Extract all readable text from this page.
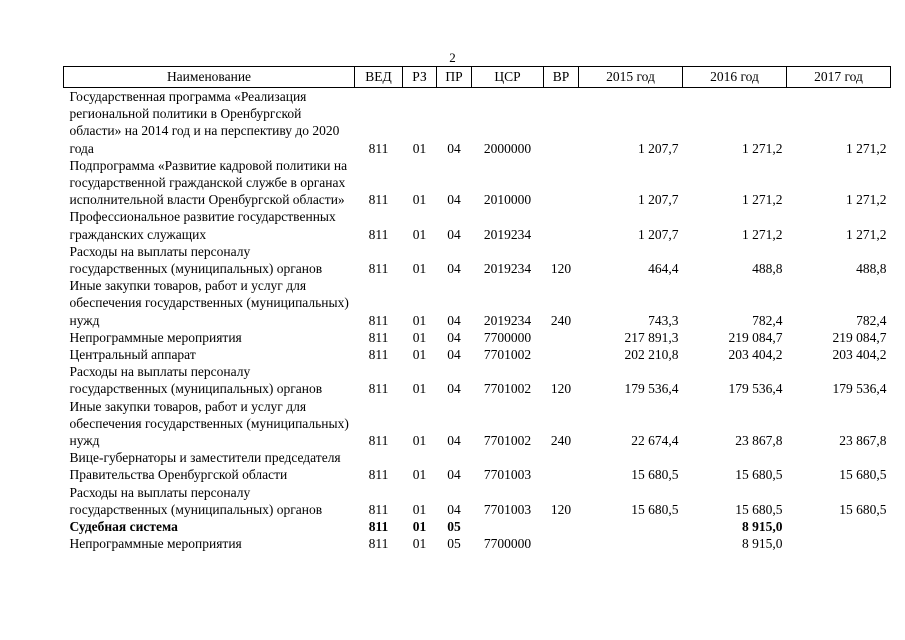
2
Наименование	ВЕД	РЗ	ПР	ЦСР	ВР	2015 год	2016 год	2017 год
Государственная программа «Реализация региональной политики в Оренбургской области» на 2014 год и на перспективу до 2020 года	811	01	04	2000000		1 207,7	1 271,2	1 271,2
Подпрограмма «Развитие кадровой политики на государственной гражданской службе в органах исполнительной власти Оренбургской области»	811	01	04	2010000		1 207,7	1 271,2	1 271,2
Профессиональное развитие государственных гражданских служащих	811	01	04	2019234		1 207,7	1 271,2	1 271,2
Расходы на выплаты персоналу государственных (муниципальных) органов	811	01	04	2019234	120	464,4	488,8	488,8
Иные закупки товаров, работ и услуг для обеспечения государственных (муниципальных) нужд	811	01	04	2019234	240	743,3	782,4	782,4
Непрограммные мероприятия	811	01	04	7700000		217 891,3	219 084,7	219 084,7
Центральный аппарат	811	01	04	7701002		202 210,8	203 404,2	203 404,2
Расходы на выплаты персоналу государственных (муниципальных) органов	811	01	04	7701002	120	179 536,4	179 536,4	179 536,4
Иные закупки товаров, работ и услуг для обеспечения государственных (муниципальных) нужд	811	01	04	7701002	240	22 674,4	23 867,8	23 867,8
Вице-губернаторы и заместители председателя Правительства Оренбургской области	811	01	04	7701003		15 680,5	15 680,5	15 680,5
Расходы на выплаты персоналу государственных (муниципальных) органов	811	01	04	7701003	120	15 680,5	15 680,5	15 680,5
Судебная система	811	01	05				8 915,0	
Непрограммные мероприятия	811	01	05	7700000			8 915,0	
